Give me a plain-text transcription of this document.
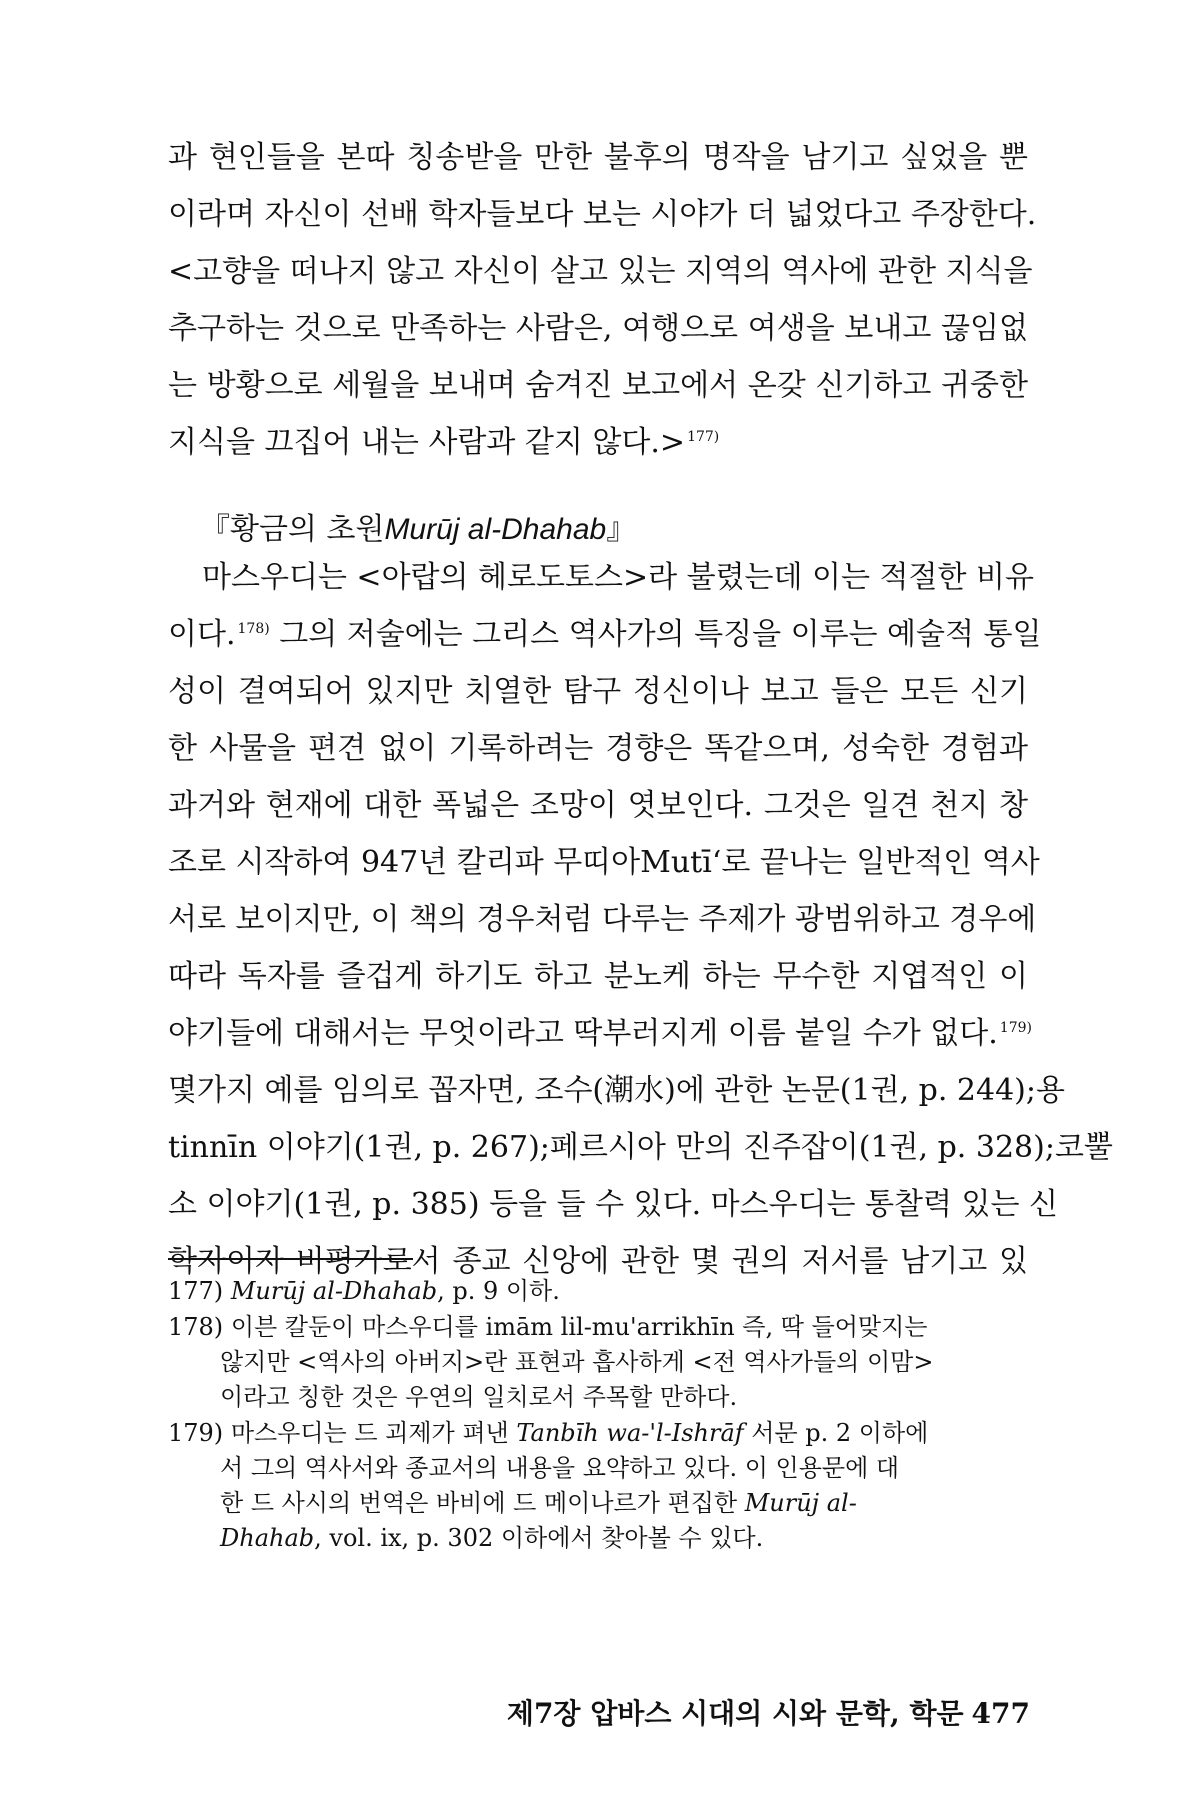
과 현인들을 본따 칭송받을 만한 불후의 명작을 남기고 싶었을 뿐
이라며 자신이 선배 학자들보다 보는 시야가 더 넓었다고 주장한다.
<고향을 떠나지 않고 자신이 살고 있는 지역의 역사에 관한 지식을
추구하는 것으로 만족하는 사람은, 여행으로 여생을 보내고 끊임없
는 방황으로 세월을 보내며 숨겨진 보고에서 온갖 신기하고 귀중한
지식을 끄집어 내는 사람과 같지 않다.> $^{177)}$
『황금의 초원Murūj al-Dhahab』
마스우디는 <아랍의 헤로도토스>라 불렸는데 이는 적절한 비유
이다. $^{178)}$ 그의 저술에는 그리스 역사가의 특징을 이루는 예술적 통일
성이 결여되어 있지만 치열한 탐구 정신이나 보고 들은 모든 신기
한 사물을 편견 없이 기록하려는 경향은 똑같으며, 성숙한 경험과
과거와 현재에 대한 폭넓은 조망이 엿보인다. 그것은 일견 천지 창
조로 시작하여 947년 칼리파 무띠아Mutī‘로 끝나는 일반적인 역사
서로 보이지만, 이 책의 경우처럼 다루는 주제가 광범위하고 경우에
따라 독자를 즐겁게 하기도 하고 분노케 하는 무수한 지엽적인 이
야기들에 대해서는 무엇이라고 딱부러지게 이름 붙일 수가 없다. $^{179)}$
몇가지 예를 임의로 꼽자면, 조수(潮水)에 관한 논문(1권, p. 244);용
tinnīn 이야기(1권, p. 267);페르시아 만의 진주잡이(1권, p. 328);코뿔
소 이야기(1권, p. 385) 등을 들 수 있다. 마스우디는 통찰력 있는 신
학자이자 비평가로서 종교 신앙에 관한 몇 권의 저서를 남기고 있
177) Murūj al-Dhahab, p. 9 이하.
178) 이븐 칼둔이 마스우디를 imām lil-mu'arrikhīn 즉, 딱 들어맞지는
않지만 <역사의 아버지>란 표현과 흡사하게 <전 역사가들의 이맘>
이라고 칭한 것은 우연의 일치로서 주목할 만하다.
179) 마스우디는 드 괴제가 펴낸 Tanbīh wa-'l-Ishrāf 서문 p. 2 이하에
서 그의 역사서와 종교서의 내용을 요약하고 있다. 이 인용문에 대
한 드 사시의 번역은 바비에 드 메이나르가 편집한 Murūj al-
Dhahab, vol. ix, p. 302 이하에서 찾아볼 수 있다.
제7장 압바스 시대의 시와 문학, 학문 477
